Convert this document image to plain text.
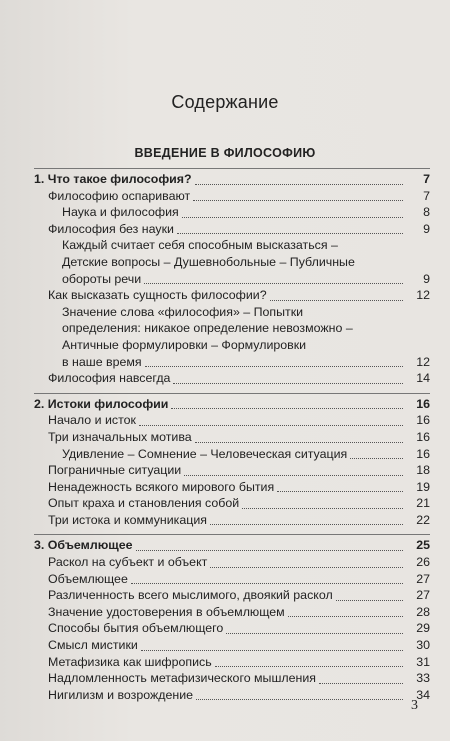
Содержание
ВВЕДЕНИЕ В ФИЛОСОФИЮ
1. Что такое философия?	7
Философию оспаривают	7
Наука и философия	8
Философия без науки	9
Каждый считает себя способным высказаться –
Детские вопросы – Душевнобольные – Публичные
обороты речи	9
Как высказать сущность философии?	12
Значение слова «философия» – Попытки
определения: никакое определение невозможно –
Античные формулировки – Формулировки
в наше время	12
Философия навсегда	14
2. Истоки философии	16
Начало и исток	16
Три изначальных мотива	16
Удивление – Сомнение – Человеческая ситуация	16
Пограничные ситуации	18
Ненадежность всякого мирового бытия	19
Опыт краха и становления собой	21
Три истока и коммуникация	22
3. Объемлющее	25
Раскол на субъект и объект	26
Объемлющее	27
Различенность всего мыслимого, двоякий раскол	27
Значение удостоверения в объемлющем	28
Способы бытия объемлющего	29
Смысл мистики	30
Метафизика как шифропись	31
Надломленность метафизического мышления	33
Нигилизм и возрождение	34
3
